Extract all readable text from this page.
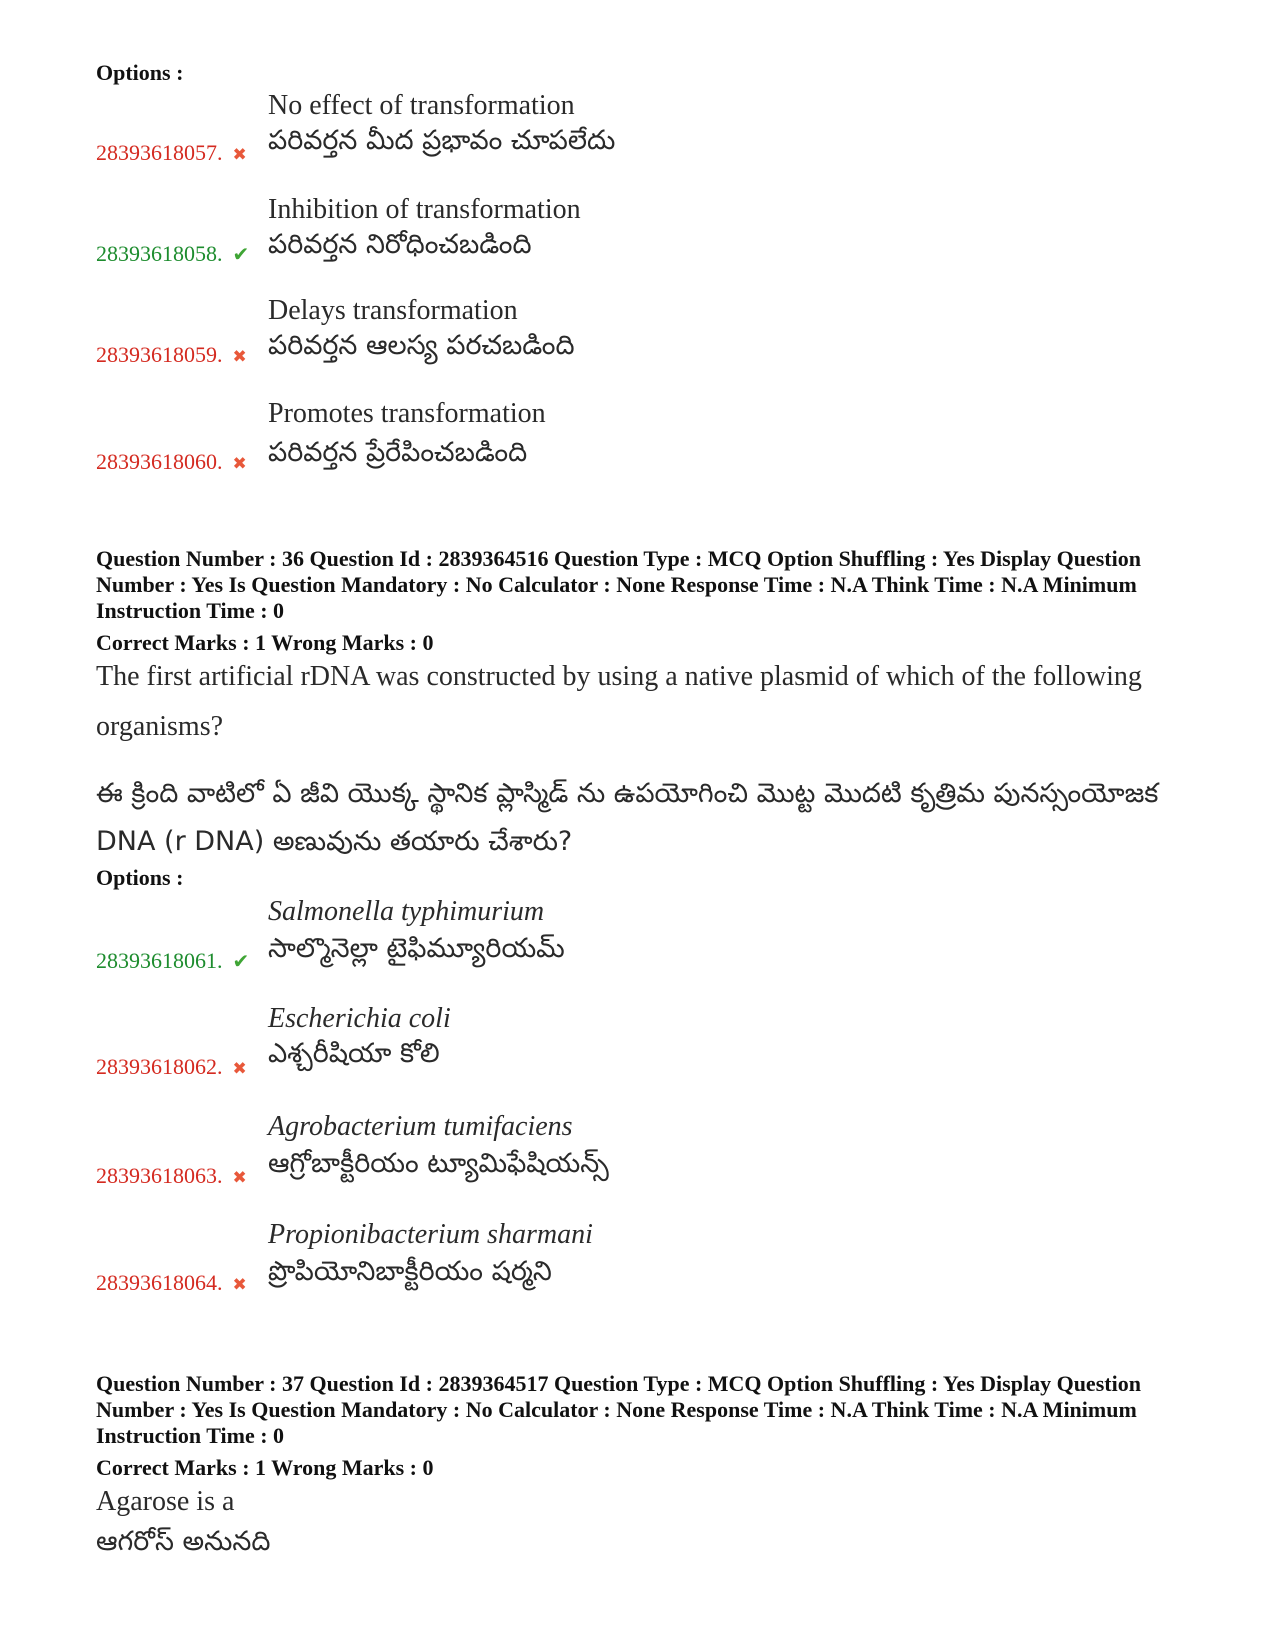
Options :
No effect of transformation
పరివర్తన మీద ప్రభావం చూపలేదు
28393618057. ✖
Inhibition of transformation
పరివర్తన నిరోధించబడింది
28393618058. ✔
Delays transformation
పరివర్తన ఆలస్య పరచబడింది
28393618059. ✖
Promotes transformation
పరివర్తన ప్రేరేపించబడింది
28393618060. ✖
Question Number : 36 Question Id : 2839364516 Question Type : MCQ Option Shuffling : Yes Display Question Number : Yes Is Question Mandatory : No Calculator : None Response Time : N.A Think Time : N.A Minimum Instruction Time : 0
Correct Marks : 1 Wrong Marks : 0
The first artificial rDNA was constructed by using a native plasmid of which of the following organisms?
ఈ క్రింది వాటిలో ఏ జీవి యొక్క స్థానిక ప్లాస్మిడ్ ను ఉపయోగించి మొట్ట మొదటి కృత్రిమ పునస్సంయోజక DNA (r DNA) అణువును తయారు చేశారు?
Options :
Salmonella typhimurium
సాల్మొనెల్లా టైఫిమ్యూరియమ్
28393618061. ✔
Escherichia coli
ఎశ్చరీషియా కోలి
28393618062. ✖
Agrobacterium tumifaciens
ఆగ్రోబాక్టీరియం ట్యూమిఫేషియన్స్
28393618063. ✖
Propionibacterium sharmani
ప్రొపియోనిబాక్టీరియం షర్మని
28393618064. ✖
Question Number : 37 Question Id : 2839364517 Question Type : MCQ Option Shuffling : Yes Display Question Number : Yes Is Question Mandatory : No Calculator : None Response Time : N.A Think Time : N.A Minimum Instruction Time : 0
Correct Marks : 1 Wrong Marks : 0
Agarose is a
ఆగరోస్ అనునది
